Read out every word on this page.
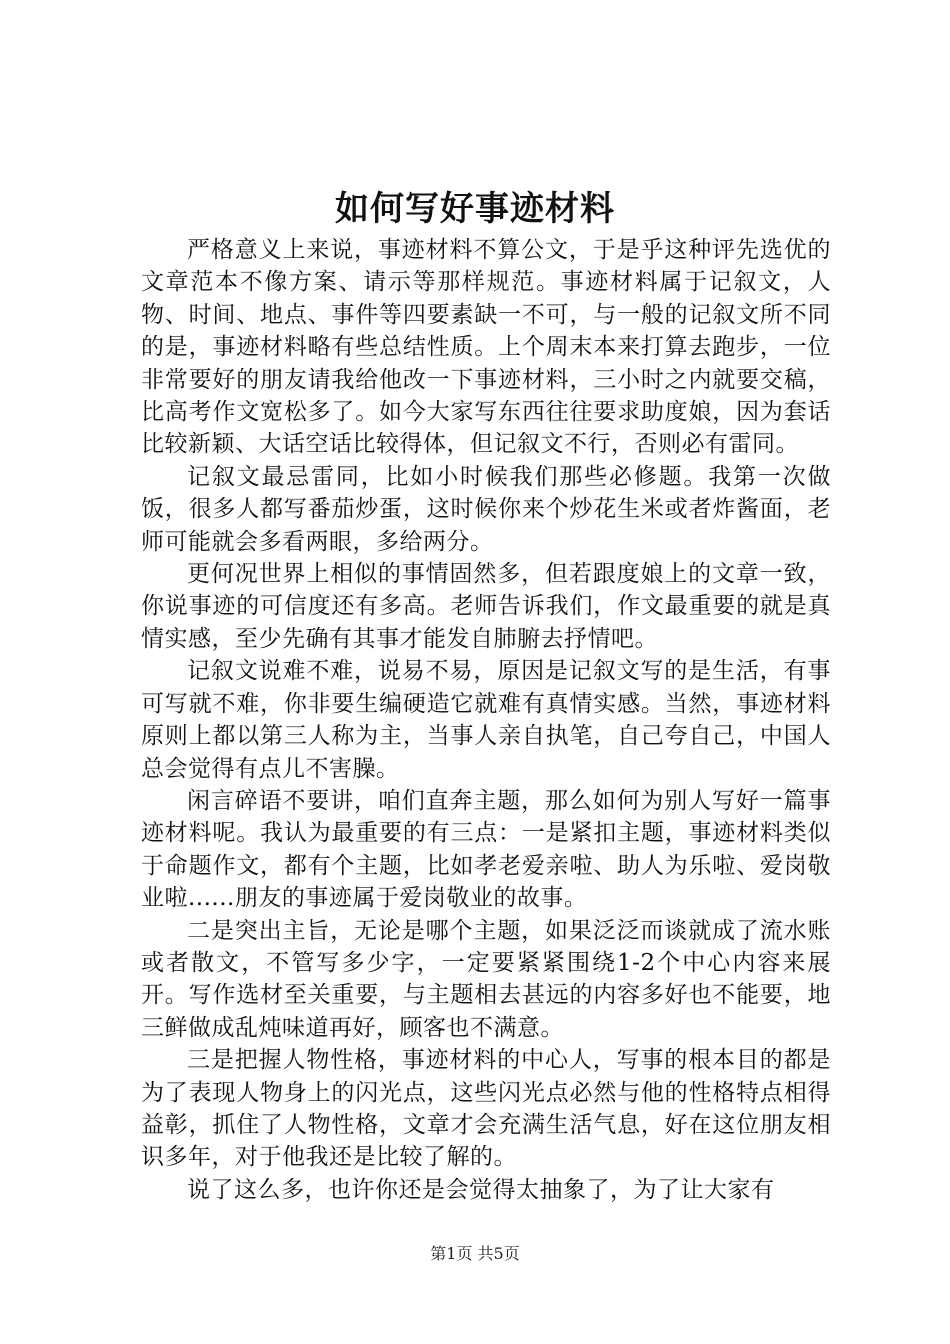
如何写好事迹材料

严格意义上来说，事迹材料不算公文，于是乎这种评先选优的文章范本不像方案、请示等那样规范。事迹材料属于记叙文，人物、时间、地点、事件等四要素缺一不可，与一般的记叙文所不同的是，事迹材料略有些总结性质。上个周末本来打算去跑步，一位非常要好的朋友请我给他改一下事迹材料，三小时之内就要交稿，比高考作文宽松多了。如今大家写东西往往要求助度娘，因为套话比较新颖、大话空话比较得体，但记叙文不行，否则必有雷同。

记叙文最忌雷同，比如小时候我们那些必修题。我第一次做饭，很多人都写番茄炒蛋，这时候你来个炒花生米或者炸酱面，老师可能就会多看两眼，多给两分。

更何况世界上相似的事情固然多，但若跟度娘上的文章一致，你说事迹的可信度还有多高。老师告诉我们，作文最重要的就是真情实感，至少先确有其事才能发自肺腑去抒情吧。

记叙文说难不难，说易不易，原因是记叙文写的是生活，有事可写就不难，你非要生编硬造它就难有真情实感。当然，事迹材料原则上都以第三人称为主，当事人亲自执笔，自己夸自己，中国人总会觉得有点儿不害臊。

闲言碎语不要讲，咱们直奔主题，那么如何为别人写好一篇事迹材料呢。我认为最重要的有三点：一是紧扣主题，事迹材料类似于命题作文，都有个主题，比如孝老爱亲啦、助人为乐啦、爱岗敬业啦......朋友的事迹属于爱岗敬业的故事。

二是突出主旨，无论是哪个主题，如果泛泛而谈就成了流水账或者散文，不管写多少字，一定要紧紧围绕1-2个中心内容来展开。写作选材至关重要，与主题相去甚远的内容多好也不能要，地三鲜做成乱炖味道再好，顾客也不满意。

三是把握人物性格，事迹材料的中心人，写事的根本目的都是为了表现人物身上的闪光点，这些闪光点必然与他的性格特点相得益彰，抓住了人物性格，文章才会充满生活气息，好在这位朋友相识多年，对于他我还是比较了解的。

说了这么多，也许你还是会觉得太抽象了，为了让大家有

第1页 共5页
